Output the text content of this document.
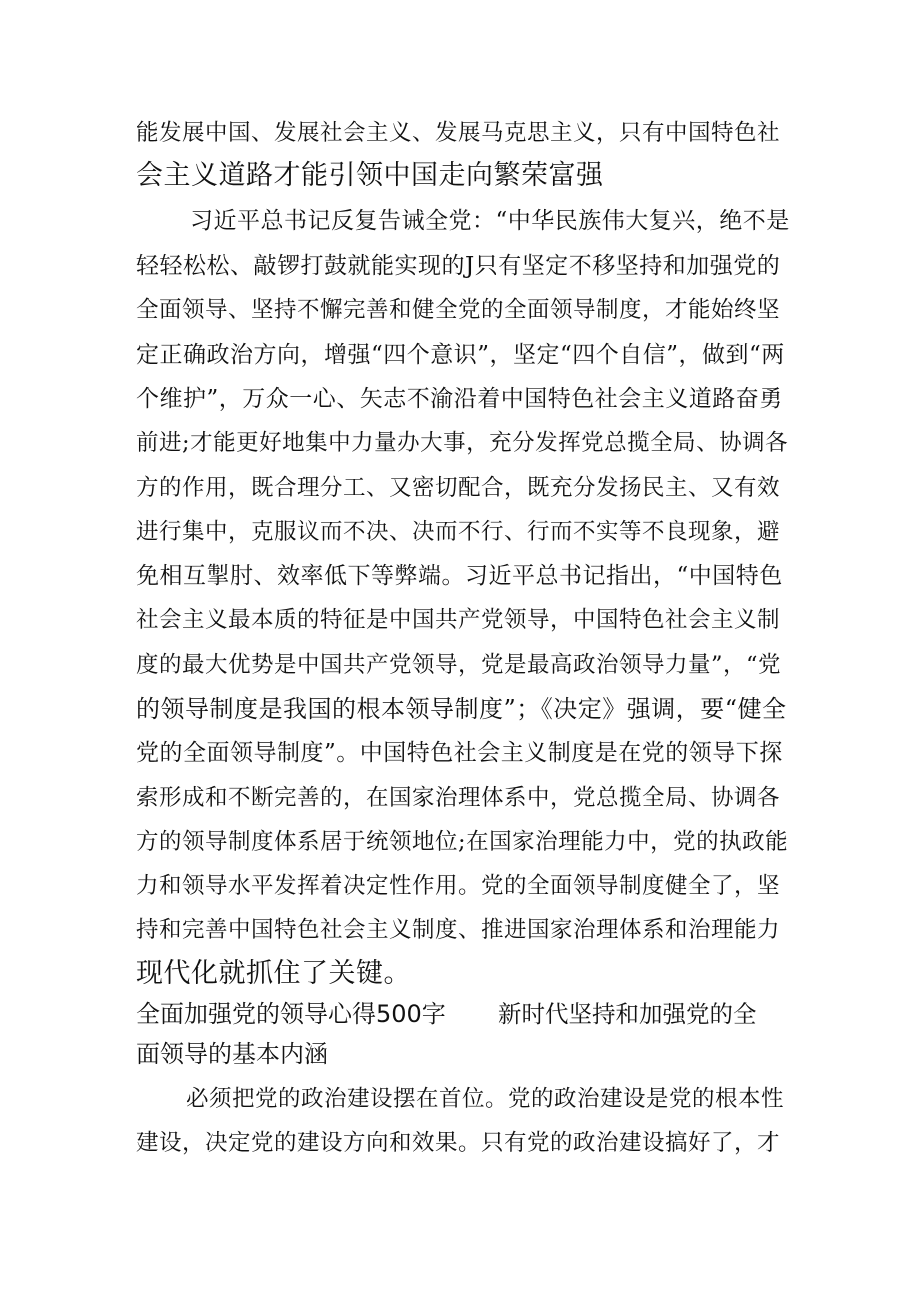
能发展中国、发展社会主义、发展马克思主义，只有中国特色社
会主义道路才能引领中国走向繁荣富强
习近平总书记反复告诫全党：“中华民族伟大复兴，绝不是
轻轻松松、敲锣打鼓就能实现的J只有坚定不移坚持和加强党的
全面领导、坚持不懈完善和健全党的全面领导制度，才能始终坚
定正确政治方向，增强“四个意识”，坚定“四个自信”，做到“两
个维护”，万众一心、矢志不渝沿着中国特色社会主义道路奋勇
前进;才能更好地集中力量办大事，充分发挥党总揽全局、协调各
方的作用，既合理分工、又密切配合，既充分发扬民主、又有效
进行集中，克服议而不决、决而不行、行而不实等不良现象，避
免相互掣肘、效率低下等弊端。习近平总书记指出，“中国特色
社会主义最本质的特征是中国共产党领导，中国特色社会主义制
度的最大优势是中国共产党领导，党是最高政治领导力量”，“党
的领导制度是我国的根本领导制度”；《决定》强调，要“健全
党的全面领导制度”。中国特色社会主义制度是在党的领导下探
索形成和不断完善的，在国家治理体系中，党总揽全局、协调各
方的领导制度体系居于统领地位;在国家治理能力中，党的执政能
力和领导水平发挥着决定性作用。党的全面领导制度健全了，坚
持和完善中国特色社会主义制度、推进国家治理体系和治理能力
现代化就抓住了关键。
全面加强党的领导心得500字 新时代坚持和加强党的全
面领导的基本内涵
必须把党的政治建设摆在首位。党的政治建设是党的根本性
建设，决定党的建设方向和效果。只有党的政治建设搞好了，才
